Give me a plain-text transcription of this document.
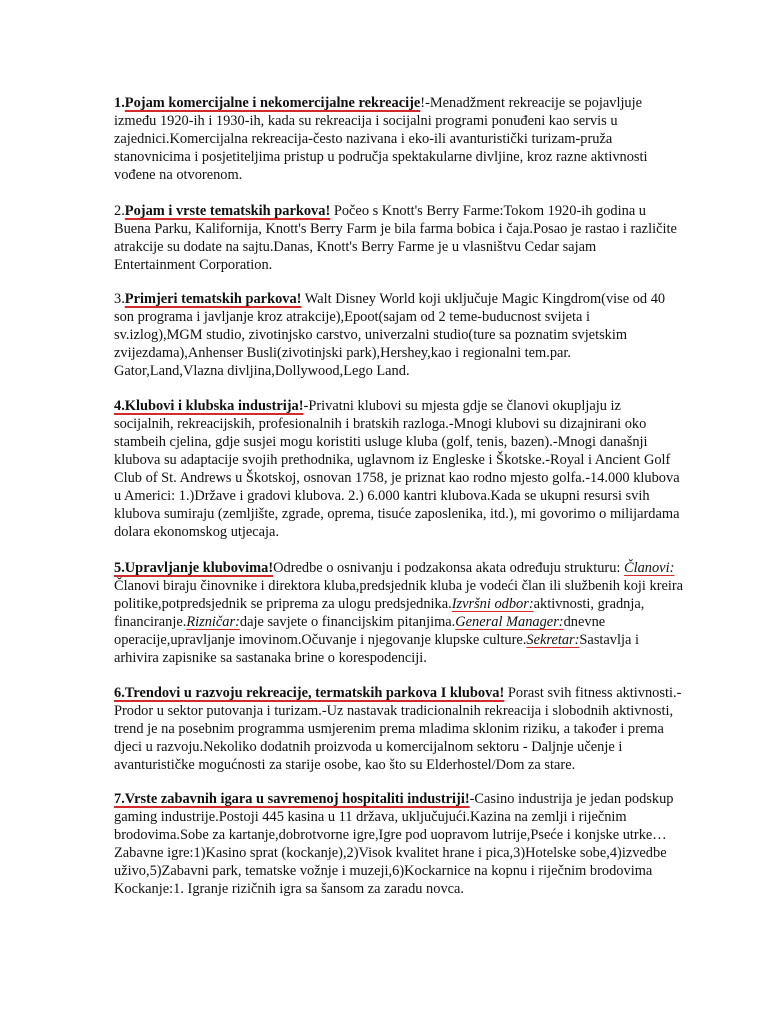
1.Pojam komercijalne i nekomercijalne rekreacije!-Menadžment rekreacije se pojavljuje između 1920-ih i 1930-ih, kada su rekreacija i socijalni programi ponuđeni kao servis u zajednici.Komercijalna rekreacija-često nazivana i eko-ili avanturistički turizam-pruža stanovnicima i posjetiteljima pristup u područja spektakularne divljine, kroz razne aktivnosti vođene na otvorenom.

2.Pojam i vrste tematskih parkova! Počeo s Knott's Berry Farme:Tokom 1920-ih godina u Buena Parku, Kalifornija, Knott's Berry Farm je bila farma bobica i čaja.Posao je rastao i različite atrakcije su dodate na sajtu.Danas, Knott's Berry Farme je u vlasništvu Cedar sajam Entertainment Corporation.

3.Primjeri tematskih parkova! Walt Disney World koji uključuje Magic Kingdrom(vise od 40 son programa i javljanje kroz atrakcije),Epoot(sajam od 2 teme-buducnost svijeta i sv.izlog),MGM studio, zivotinjsko carstvo, univerzalni studio(ture sa poznatim svjetskim zvijezdama),Anhenser Busli(zivotinjski park),Hershey,kao i regionalni tem.par. Gator,Land,Vlazna divljina,Dollywood,Lego Land.

4.Klubovi i klubska industrija!-Privatni klubovi su mjesta gdje se članovi okupljaju iz socijalnih, rekreacijskih, profesionalnih i bratskih razloga.-Mnogi klubovi su dizajnirani oko stambeih cjelina, gdje susjei mogu koristiti usluge kluba (golf, tenis, bazen).-Mnogi današnji klubova su adaptacije svojih prethodnika, uglavnom iz Engleske i Škotske.-Royal i Ancient Golf Club of St. Andrews u Škotskoj, osnovan 1758, je priznat kao rodno mjesto golfa.-14.000 klubova u Americi: 1.)Države i gradovi klubova. 2.) 6.000 kantri klubova.Kada se ukupni resursi svih klubova sumiraju (zemljište, zgrade, oprema, tisuće zaposlenika, itd.), mi govorimo o milijardama dolara ekonomskog utjecaja.

5.Upravljanje klubovima!Odredbe o osnivanju i podzakonsa akata određuju strukturu: Članovi: Članovi biraju činovnike i direktora kluba,predsjednik kluba je vodeći član ili službenih koji kreira politike,potpredsjednik se priprema za ulogu predsjednika.Izvršni odbor:aktivnosti, gradnja, financiranje.Rizničar:daje savjete o financijskim pitanjima.General Manager:dnevne operacije,upravljanje imovinom.Očuvanje i njegovanje klupske culture.Sekretar:Sastavlja i arhivira zapisnike sa sastanaka brine o korespodenciji.

6.Trendovi u razvoju rekreacije, termatskih parkova I klubova! Porast svih fitness aktivnosti.- Prodor u sektor putovanja i turizam.-Uz nastavak tradicionalnih rekreacija i slobodnih aktivnosti, trend je na posebnim programma usmjerenim prema mladima sklonim riziku, a također i prema djeci u razvoju.Nekoliko dodatnih proizvoda u komercijalnom sektoru - Daljnje učenje i avanturističke mogućnosti za starije osobe, kao što su Elderhostel/Dom za stare.

7.Vrste zabavnih igara u savremenoj hospitaliti industriji!-Casino industrija je jedan podskup gaming industrije.Postoji 445 kasina u 11 država, uključujući.Kazina na zemlji i riječnim brodovima.Sobe za kartanje,dobrotvorne igre,Igre pod uopravom lutrije,Pseće i konjske utrke… Zabavne igre:1)Kasino sprat (kockanje),2)Visok kvalitet hrane i pica,3)Hotelske sobe,4)izvedbe uživo,5)Zabavni park, tematske vožnje i muzeji,6)Kockarnice na kopnu i riječnim brodovima Kockanje:1. Igranje rizičnih igra sa šansom za zaradu novca.
